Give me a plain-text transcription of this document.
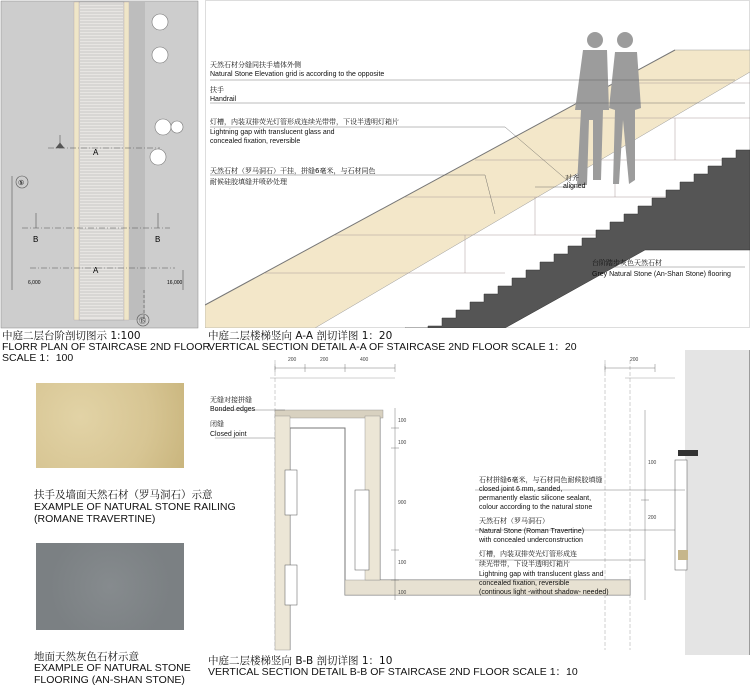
A
A
B	B
⑤
⑮
6,000	16,000
中庭二层台阶剖切图示 1:100
FLORR PLAN OF STAIRCASE 2ND FLOOR
SCALE 1：100
天然石材分缝同扶手墙体外侧
Natural Stone Elevation grid is according to the opposite
扶手
Handrail
灯槽，内装双排荧光灯管形成连续光带带，下设半透明灯箱片
Lightning gap with translucent glass and
concealed fixation, reversible
天然石材（罗马洞石）干挂，拼缝6毫米，与石材同色
耐候硅胶填缝并喷砂处理	对齐
aligned
台阶踏步灰色天然石材
Grey Natural Stone (An-Shan Stone) flooring
中庭二层楼梯竖向 A-A 剖切详图 1：20
VERTICAL SECTION DETAIL A-A OF STAIRCASE 2ND FLOOR SCALE 1：20
扶手及墙面天然石材（罗马洞石）示意
EXAMPLE OF NATURAL STONE RAILING
(ROMANE TRAVERTINE)
地面天然灰色石材示意
EXAMPLE OF NATURAL STONE
FLOORING (AN-SHAN STONE)
200	200	400	200
100
100
900
100
100
100
200
无缝对接拼缝
Bonded edges
闭缝
Closed joint
石材拼缝6毫米，与石材同色耐候胶填缝
closed joint 6 mm, sanded,
permanently elastic silicone sealant,
colour according to the natural stone
天然石材（罗马洞石）
Natural Stone (Roman Travertine)
with concealed underconstruction
灯槽，内装双排荧光灯管形成连
续光带带，下设半透明灯箱片
Lightning gap with translucent glass and
concealed fixation, reversible
(continous light -without shadow- needed)
中庭二层楼梯竖向 B-B 剖切详图 1：10
VERTICAL SECTION DETAIL B-B OF STAIRCASE 2ND FLOOR SCALE 1：10
